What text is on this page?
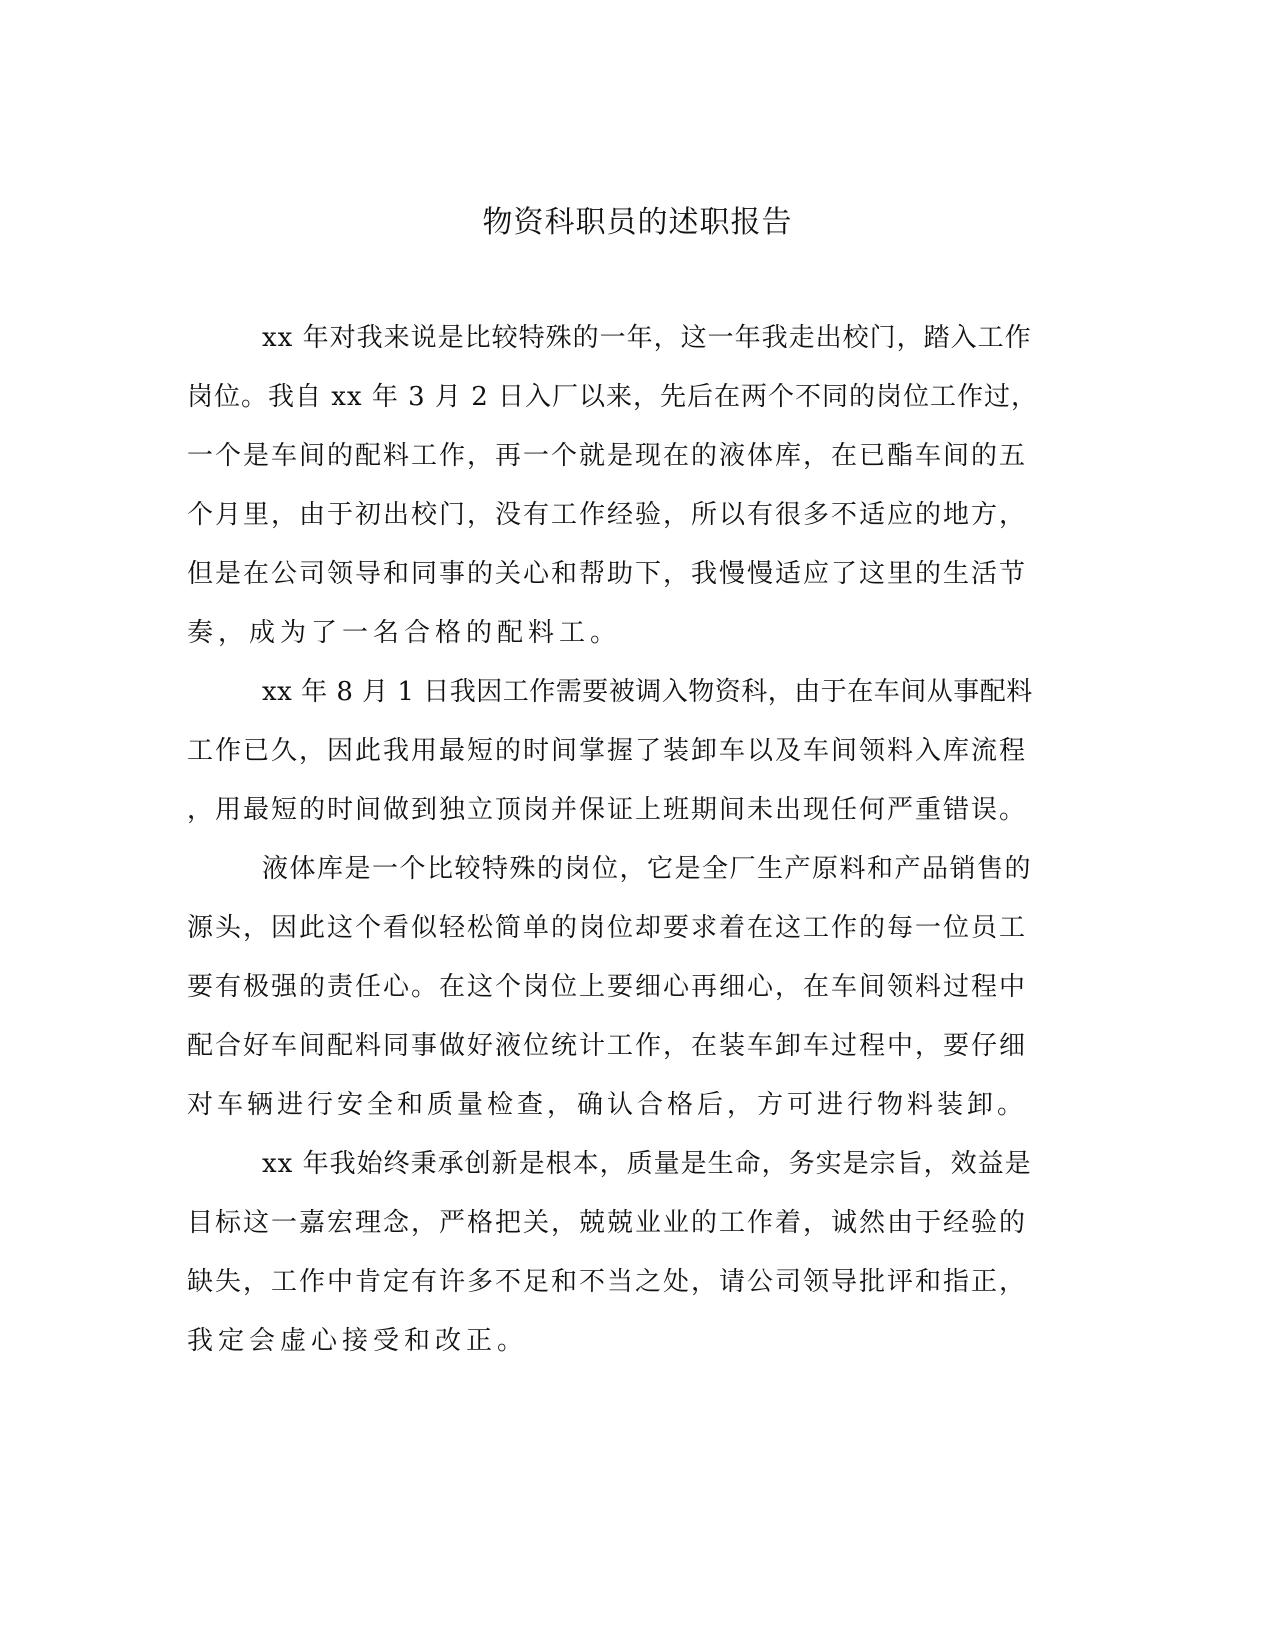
物资科职员的述职报告
xx 年对我来说是比较特殊的一年，这一年我走出校门，踏入工作
岗位。我自 xx 年 3 月 2 日入厂以来，先后在两个不同的岗位工作过，
一个是车间的配料工作，再一个就是现在的液体库，在已酯车间的五
个月里，由于初出校门，没有工作经验，所以有很多不适应的地方，
但是在公司领导和同事的关心和帮助下，我慢慢适应了这里的生活节
奏，成为了一名合格的配料工。
xx 年 8 月 1 日我因工作需要被调入物资科，由于在车间从事配料
工作已久，因此我用最短的时间掌握了装卸车以及车间领料入库流程
，用最短的时间做到独立顶岗并保证上班期间未出现任何严重错误。
液体库是一个比较特殊的岗位，它是全厂生产原料和产品销售的
源头，因此这个看似轻松简单的岗位却要求着在这工作的每一位员工
要有极强的责任心。在这个岗位上要细心再细心，在车间领料过程中
配合好车间配料同事做好液位统计工作，在装车卸车过程中，要仔细
对车辆进行安全和质量检查，确认合格后，方可进行物料装卸。
xx 年我始终秉承创新是根本，质量是生命，务实是宗旨，效益是
目标这一嘉宏理念，严格把关，兢兢业业的工作着，诚然由于经验的
缺失，工作中肯定有许多不足和不当之处，请公司领导批评和指正，
我定会虚心接受和改正。
